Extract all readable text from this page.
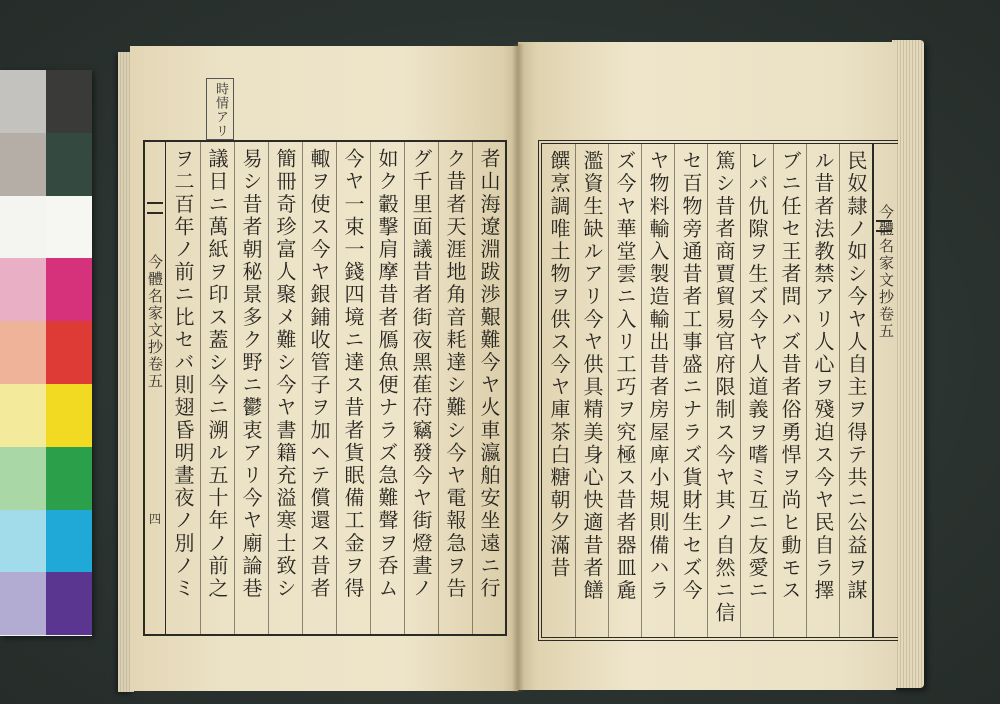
時情アリ
今體名家文抄卷五
四	者山海遼淵跋渉艱難今ヤ火車瀛舶安坐遠ニ行
ク昔者天涯地角音耗達シ難シ今ヤ電報急ヲ告
グ千里面議昔者街夜黑萑苻竊發今ヤ街燈晝ノ
如ク轂撃肩摩昔者鴈魚便ナラズ急難聲ヲ呑ム
今ヤ一束一錢四境ニ達ス昔者貨眠備工金ヲ得
輙ヲ使ス今ヤ銀鋪收管子ヲ加ヘテ償還ス昔者
簡冊奇珍富人聚メ難シ今ヤ書籍充溢寒士致シ
易シ昔者朝秘景多ク野ニ鬱衷アリ今ヤ廟論巷
議日ニ萬紙ヲ印ス蓋シ今ニ溯ル五十年ノ前之
ヲ二百年ノ前ニ比セバ則翅昏明晝夜ノ別ノミ	民奴隷ノ如シ今ヤ人自主ヲ得テ共ニ公益ヲ謀
ル昔者法教禁アリ人心ヲ殘迫ス今ヤ民自ラ擇
ブニ任セ王者問ハズ昔者俗勇悍ヲ尚ヒ動モス
レバ仇隙ヲ生ズ今ヤ人道義ヲ嗜ミ互ニ友愛ニ
篤シ昔者商賈貿易官府限制ス今ヤ其ノ自然ニ信
セ百物旁通昔者工事盛ニナラズ貨財生セズ今
ヤ物料輸入製造輸出昔者房屋庳小規則備ハラ
ズ今ヤ華堂雲ニ入リ工巧ヲ究極ス昔者器皿麁
濫資生缺ルアリ今ヤ供具精美身心快適昔者饍
饌烹調唯土物ヲ供ス今ヤ庫茶白糖朝夕滿昔	今體名家文抄卷五
